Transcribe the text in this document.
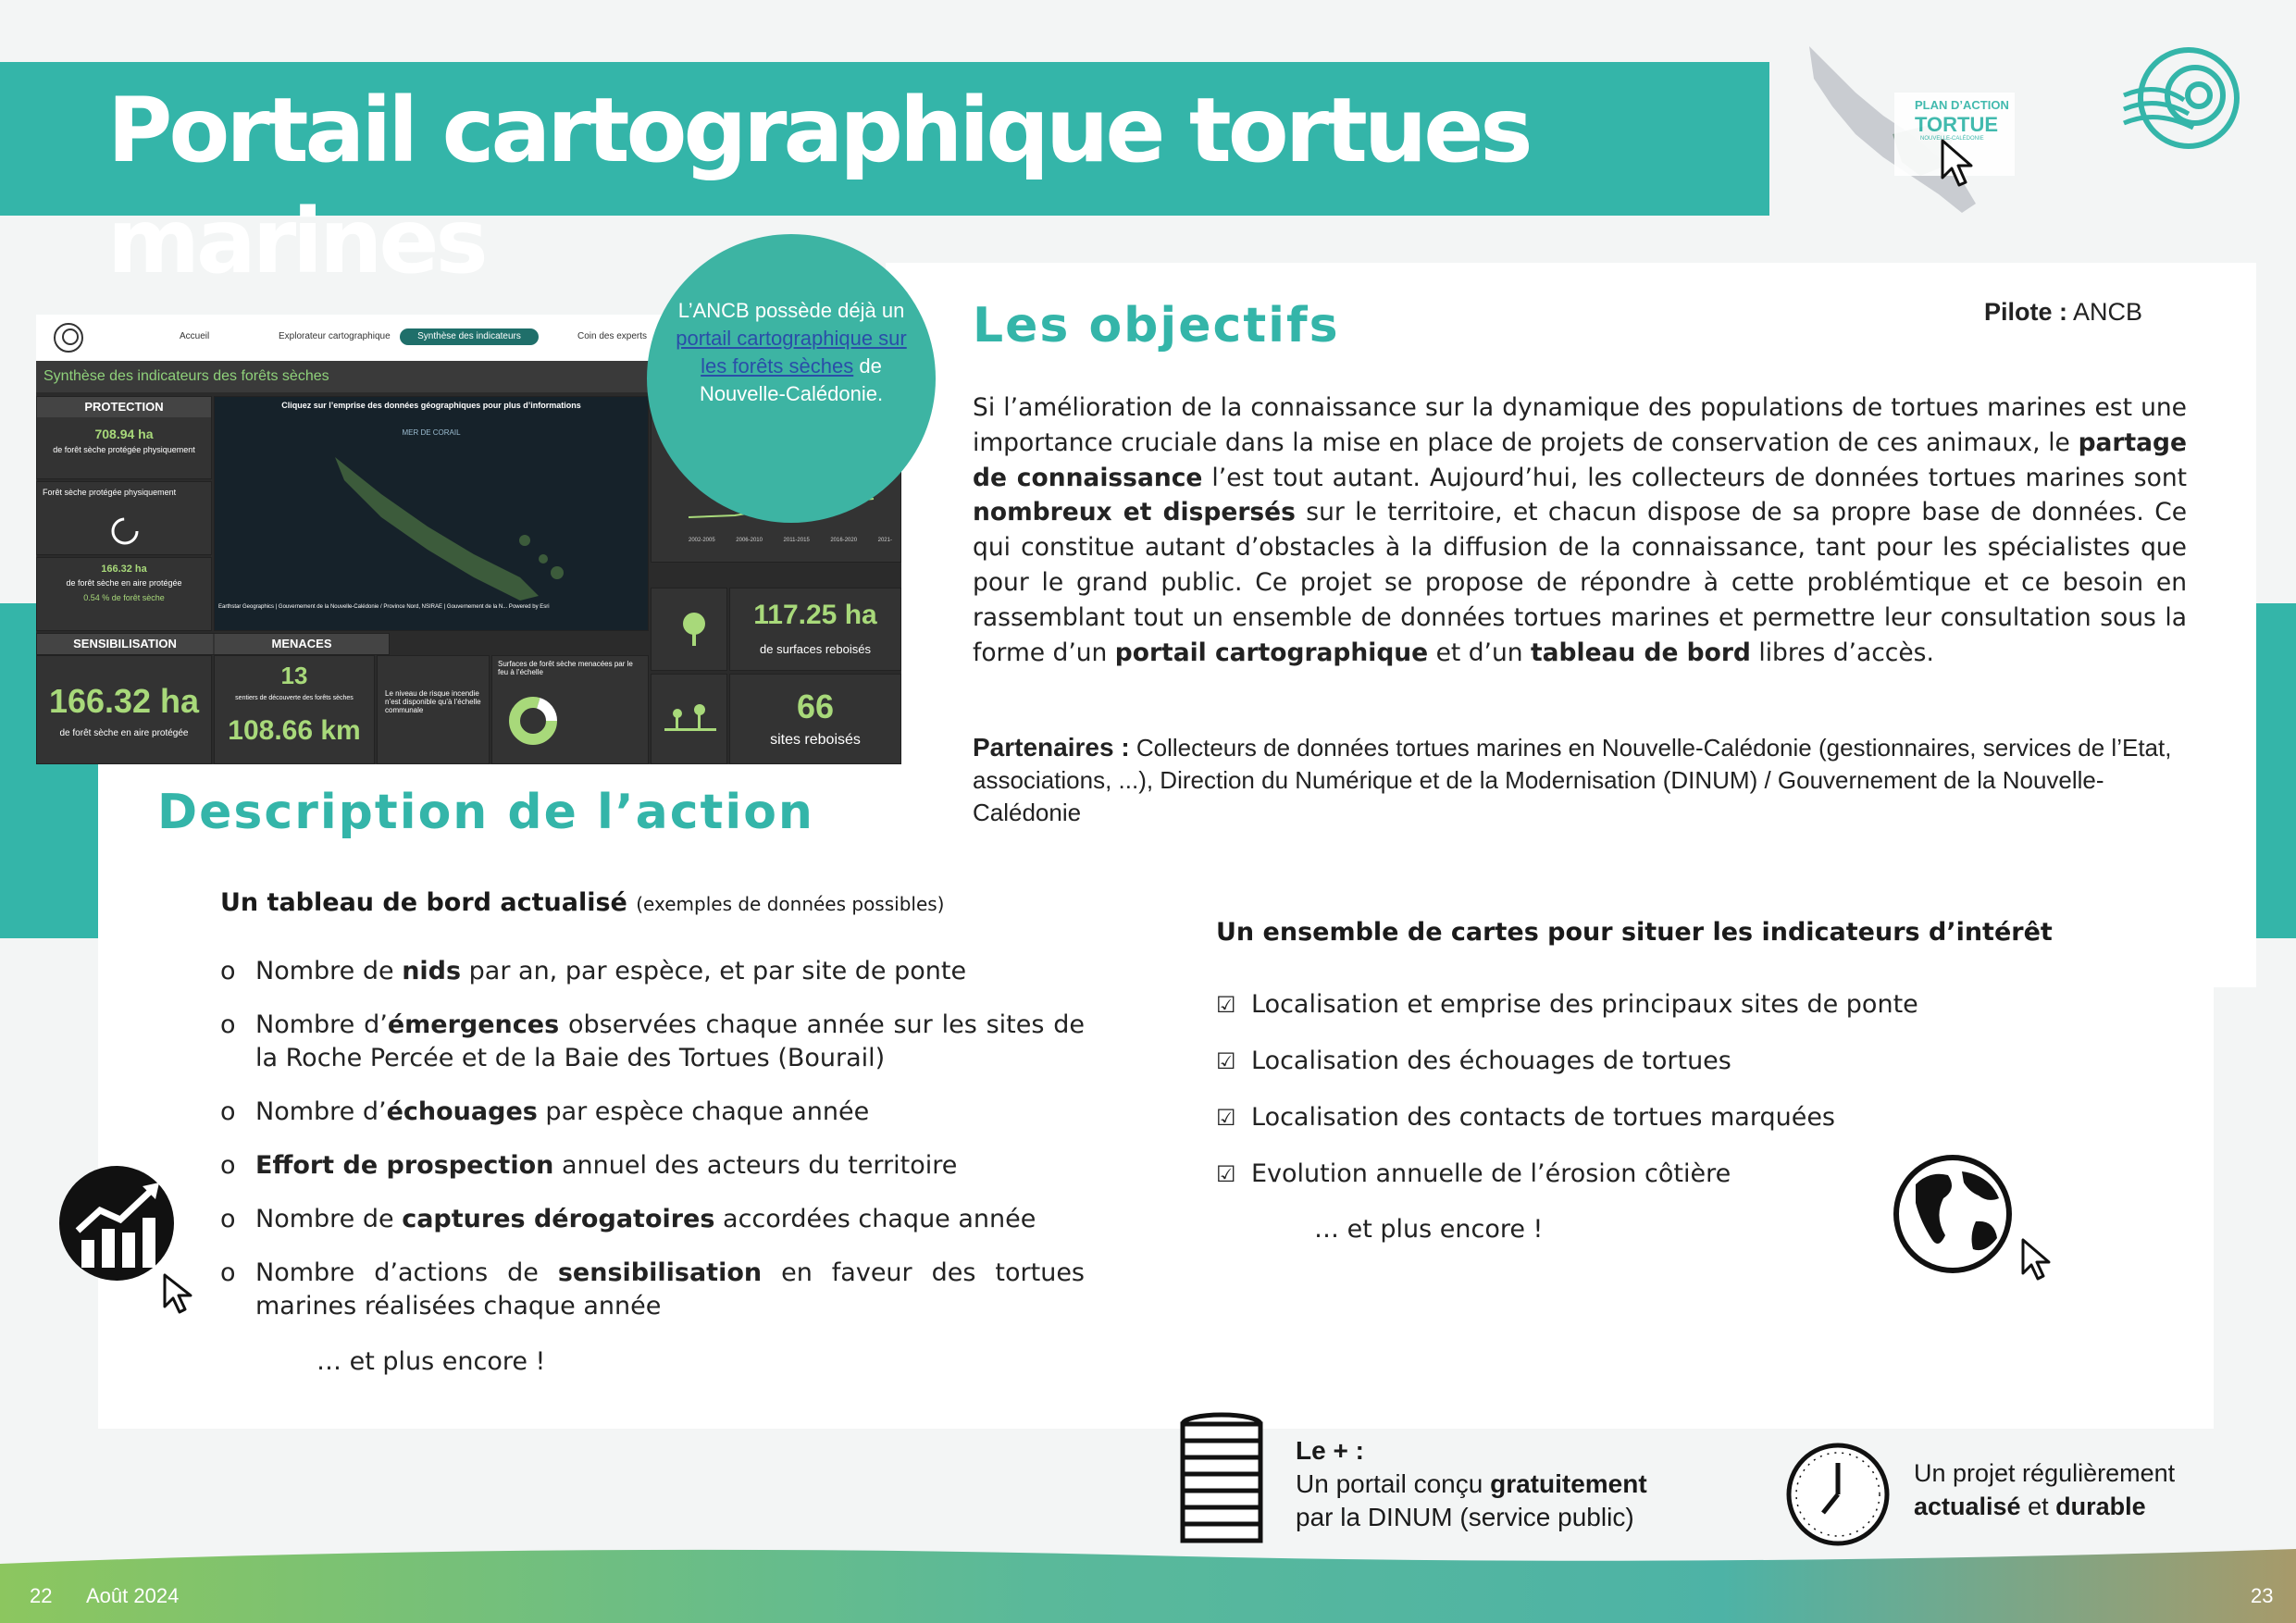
Portail cartographique tortues marines
PLAN D’ACTION
TORTUE
NOUVELLE-CALÉDONIE
Accueil	Explorateur cartographique	Synthèse des indicateurs	Coin des experts
Synthèse des indicateurs des forêts sèches
PROTECTION
708.94 ha
de forêt sèche protégée physiquement
Forêt sèche protégée physiquement
166.32 ha
de forêt sèche en aire protégée
0.54 % de forêt sèche
Cliquez sur l’emprise des données géographiques pour plus d’informations
MER DE CORAIL
Earthstar Geographics | Gouvernement de la Nouvelle-Calédonie / Province Nord, NSIRAE | Gouvernement de la N... Powered by Esri
2002-2005	2006-2010	2011-2015	2016-2020	2021-
117.25 ha
de surfaces reboisés
SENSIBILISATION	MENACES
166.32 ha
de forêt sèche en aire protégée
13
sentiers de découverte des forêts sèches
108.66 km
Le niveau de risque incendie n’est disponible qu’à l’échelle communale
Surfaces de forêt sèche menacées par le feu à l’échelle
66
sites reboisés
L’ANCB possède déjà un portail cartographique sur les forêts sèches de Nouvelle-Calédonie.
Pilote : ANCB
Les objectifs
Si l’amélioration de la connaissance sur la dynamique des populations de tortues marines est une importance cruciale dans la mise en place de projets de conservation de ces animaux, le partage de connaissance l’est tout autant. Aujourd’hui, les collecteurs de données tortues marines sont nombreux et dispersés sur le territoire, et chacun dispose de sa propre base de données. Ce qui constitue autant d’obstacles à la diffusion de la connaissance, tant pour les spécialistes que pour le grand public. Ce projet se propose de répondre à cette problémtique et ce besoin en rassemblant tout un ensemble de données tortues marines et permettre leur consultation sous la forme d’un portail cartographique et d’un tableau de bord libres d’accès.
Partenaires : Collecteurs de données tortues marines en Nouvelle-Calédonie (gestionnaires, services de l’Etat, associations, ...), Direction du Numérique et de la Modernisation (DINUM) / Gouvernement de la Nouvelle-Calédonie
Description de l’action
Un tableau de bord actualisé (exemples de données possibles)
o Nombre de nids par an, par espèce, et par site de ponte
o Nombre d’émergences observées chaque année sur les sites de la Roche Percée et de la Baie des Tortues (Bourail)
o Nombre d’échouages par espèce chaque année
o Effort de prospection annuel des acteurs du territoire
o Nombre de captures dérogatoires accordées chaque année
o Nombre d’actions de sensibilisation en faveur des tortues marines réalisées chaque année
… et plus encore !
Un ensemble de cartes pour situer les indicateurs d’intérêt
☑ Localisation et emprise des principaux sites de ponte
☑ Localisation des échouages de tortues
☑ Localisation des contacts de tortues marquées
☑ Evolution annuelle de l’érosion côtière
… et plus encore !
Le + :
Un portail conçu gratuitement
par la DINUM (service public)
Un projet régulièrement
actualisé et durable
22 Août 2024	23
